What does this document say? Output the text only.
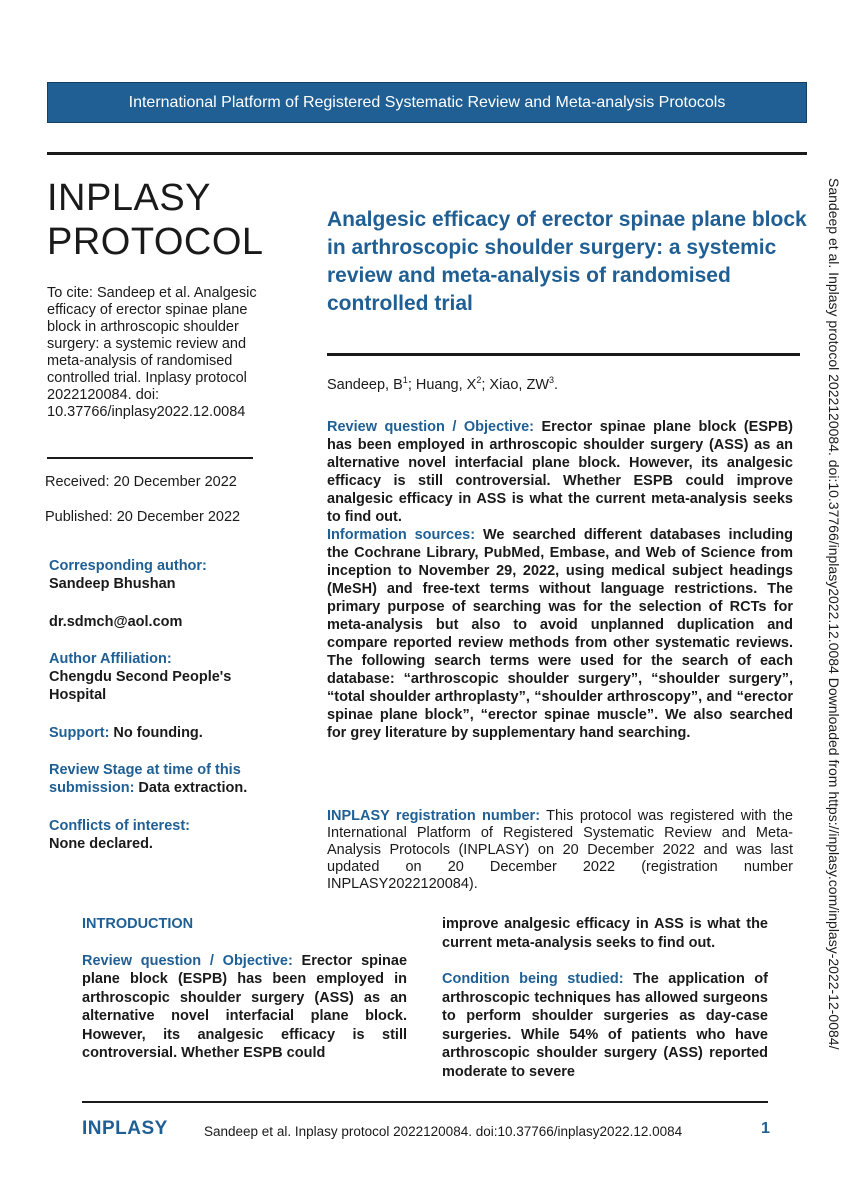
International Platform of Registered Systematic Review and Meta-analysis Protocols
INPLASY
PROTOCOL
To cite: Sandeep et al. Analgesic efficacy of erector spinae plane block in arthroscopic shoulder surgery: a systemic review and meta-analysis of randomised controlled trial. Inplasy protocol 2022120084. doi: 10.37766/inplasy2022.12.0084
Received: 20 December 2022
Published: 20 December 2022
Corresponding author:
Sandeep Bhushan
dr.sdmch@aol.com
Author Affiliation:
Chengdu Second People's Hospital
Support: No founding.
Review Stage at time of this submission: Data extraction.
Conflicts of interest:
None declared.
Analgesic efficacy of erector spinae plane block in arthroscopic shoulder surgery: a systemic review and meta-analysis of randomised controlled trial
Sandeep, $B^1$; Huang, $X^2$; Xiao, $ZW^3$.

Review question / Objective: Erector spinae plane block (ESPB) has been employed in arthroscopic shoulder surgery (ASS) as an alternative novel interfacial plane block. However, its analgesic efficacy is still controversial. Whether ESPB could improve analgesic efficacy in ASS is what the current meta-analysis seeks to find out.

Information sources: We searched different databases including the Cochrane Library, PubMed, Embase, and Web of Science from inception to November 29, 2022, using medical subject headings (MeSH) and free-text terms without language restrictions. The primary purpose of searching was for the selection of RCTs for meta-analysis but also to avoid unplanned duplication and compare reported review methods from other systematic reviews. The following search terms were used for the search of each database: “arthroscopic shoulder surgery”, “shoulder surgery”, “total shoulder arthroplasty”, “shoulder arthroscopy”, and “erector spinae plane block”, “erector spinae muscle”. We also searched for grey literature by supplementary hand searching.

INPLASY registration number: This protocol was registered with the International Platform of Registered Systematic Review and Meta-Analysis Protocols (INPLASY) on 20 December 2022 and was last updated on 20 December 2022 (registration number INPLASY2022120084).

INTRODUCTION

Review question / Objective: Erector spinae plane block (ESPB) has been employed in arthroscopic shoulder surgery (ASS) as an alternative novel interfacial plane block. However, its analgesic efficacy is still controversial. Whether ESPB could

improve analgesic efficacy in ASS is what the current meta-analysis seeks to find out.

Condition being studied: The application of arthroscopic techniques has allowed surgeons to perform shoulder surgeries as day-case surgeries. While 54% of patients who have arthroscopic shoulder surgery (ASS) reported moderate to severe

Sandeep et al. Inplasy protocol 2022120084. doi:10.37766/inplasy2022.12.0084 Downloaded from https://inplasy.com/inplasy-2022-12-0084/
INPLASY	Sandeep et al. Inplasy protocol 2022120084. doi:10.37766/inplasy2022.12.0084	1
